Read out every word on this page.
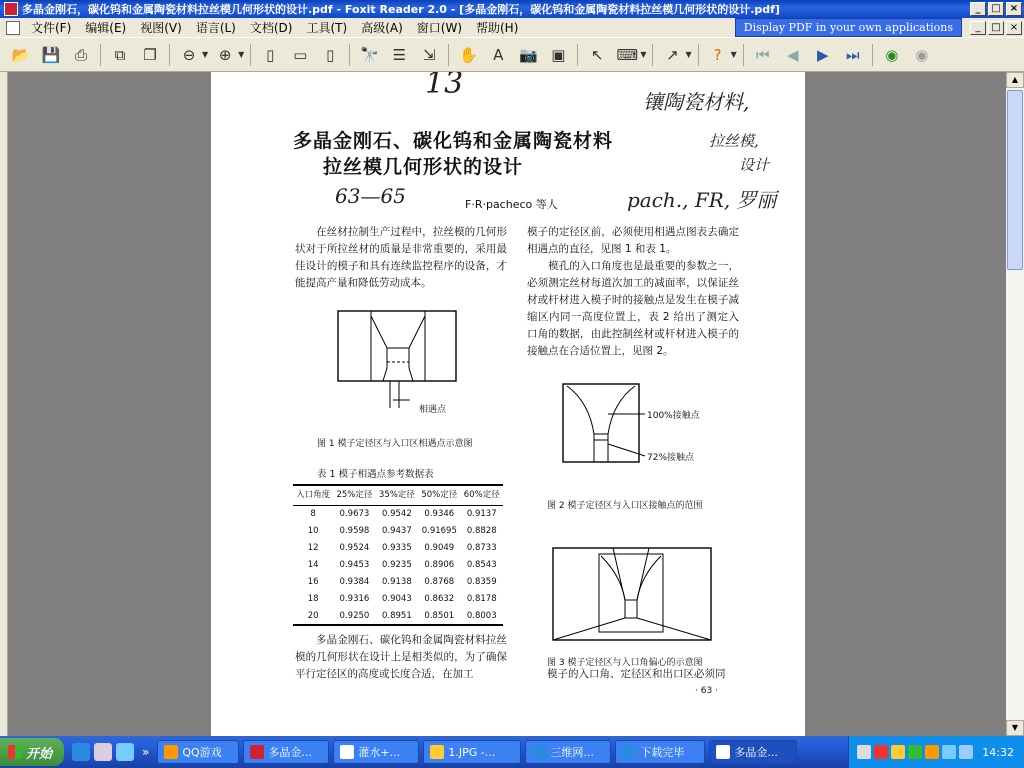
多晶金刚石，碳化钨和金属陶瓷材料拉丝模几何形状的设计.pdf - Foxit Reader 2.0 - [多晶金刚石，碳化钨和金属陶瓷材料拉丝模几何形状的设计.pdf]	_	□ ×
文件(F)	编辑(E)	视图(V)	语言(L)	文档(D)	工具(T)	高级(A)	窗口(W)	帮助(H)	Display PDF in your own applications	_	□ ×
📂 💾 ⎙	⧉	❐	⊖ ▼ ⊕ ▼	▯	▭	▯	🔭 ☰	⇲	✋	A	📷 ▣	↖ ⌨ ▼	↗ ▼	?	▼	⏮	◀	▶	⏭	◉	◉
13
镶陶瓷材料,
拉丝模,
设计
63—65	pach., FR, 罗丽
多晶金刚石、碳化钨和金属陶瓷材料
拉丝模几何形状的设计
F·R·pacheco 等人

在丝材拉制生产过程中，拉丝模的几何形状对于所拉丝材的质量是非常重要的，采用最佳设计的模子和具有连续监控程序的设备，才能提高产量和降低劳动成本。

模子的定径区前，必须使用相遇点图表去确定相遇点的直径，见图 1 和表 1。

模孔的入口角度也是最重要的参数之一，必须测定丝材每道次加工的减面率，以保证丝材或杆材进入模子时的接触点是发生在模子减缩区内同一高度位置上，表 2 给出了测定入口角的数据，由此控制丝材或杆材进入模子的接触点在合适位置上，见图 2。

相遇点
图 1 模子定径区与入口区相遇点示意图
表 1 模子相遇点参考数据表
入口角度	25%定径	35%定径	50%定径	60%定径
8	0.9673	0.9542	0.9346	0.9137
10	0.9598	0.9437	0.91695	0.8828
12	0.9524	0.9335	0.9049	0.8733
14	0.9453	0.9235	0.8906	0.8543
16	0.9384	0.9138	0.8768	0.8359
18	0.9316	0.9043	0.8632	0.8178
20	0.9250	0.8951	0.8501	0.8003

多晶金刚石、碳化钨和金属陶瓷材料拉丝模的几何形状在设计上是相类似的，为了确保平行定径区的高度或长度合适，在加工

100%接触点
72%接触点
图 2 模子定径区与入口区接触点的范围
图 3 模子定径区与入口角偏心的示意图

模子的入口角、定径区和出口区必须同

· 63 ·
▲
▼
开始	»	QQ游戏	多晶金...	灌水+...	1.JPG -...	三维网...	下载完毕	多晶金...	14:32
